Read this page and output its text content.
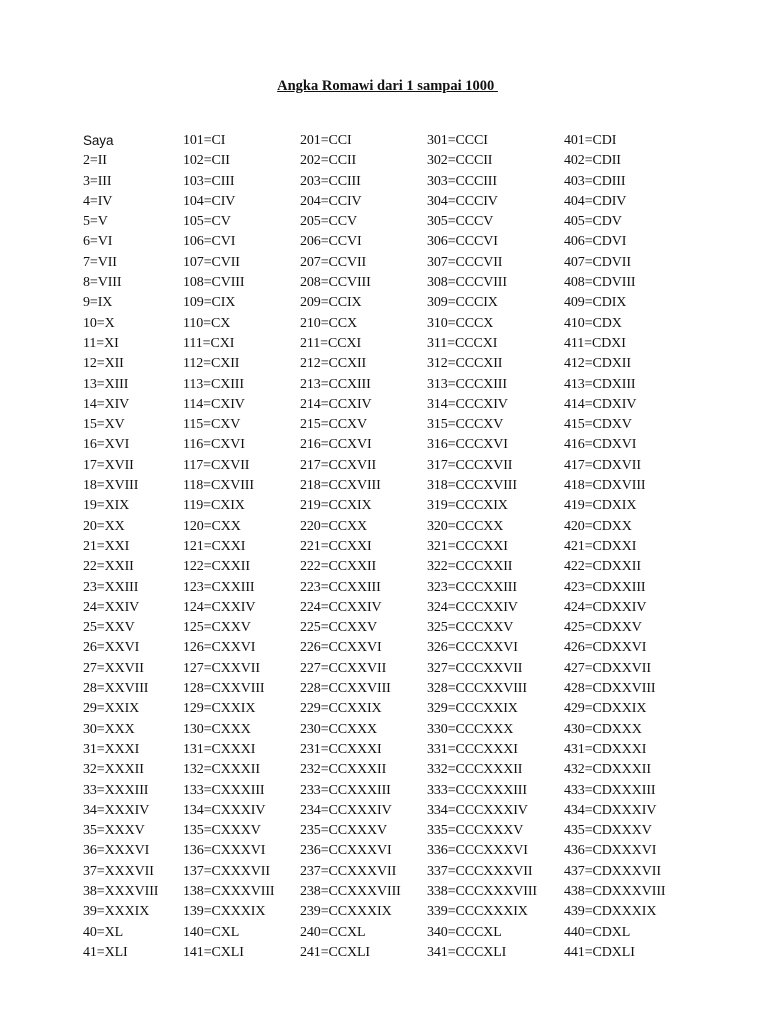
Angka Romawi dari 1 sampai 1000
Saya
2=II
3=III
4=IV
5=V
6=VI
7=VII
8=VIII
9=IX
10=X
11=XI
12=XII
13=XIII
14=XIV
15=XV
16=XVI
17=XVII
18=XVIII
19=XIX
20=XX
21=XXI
22=XXII
23=XXIII
24=XXIV
25=XXV
26=XXVI
27=XXVII
28=XXVIII
29=XXIX
30=XXX
31=XXXI
32=XXXII
33=XXXIII
34=XXXIV
35=XXXV
36=XXXVI
37=XXXVII
38=XXXVIII
39=XXXIX
40=XL
41=XLI
101=CI
102=CII
103=CIII
104=CIV
105=CV
106=CVI
107=CVII
108=CVIII
109=CIX
110=CX
111=CXI
112=CXII
113=CXIII
114=CXIV
115=CXV
116=CXVI
117=CXVII
118=CXVIII
119=CXIX
120=CXX
121=CXXI
122=CXXII
123=CXXIII
124=CXXIV
125=CXXV
126=CXXVI
127=CXXVII
128=CXXVIII
129=CXXIX
130=CXXX
131=CXXXI
132=CXXXII
133=CXXXIII
134=CXXXIV
135=CXXXV
136=CXXXVI
137=CXXXVII
138=CXXXVIII
139=CXXXIX
140=CXL
141=CXLI
201=CCI
202=CCII
203=CCIII
204=CCIV
205=CCV
206=CCVI
207=CCVII
208=CCVIII
209=CCIX
210=CCX
211=CCXI
212=CCXII
213=CCXIII
214=CCXIV
215=CCXV
216=CCXVI
217=CCXVII
218=CCXVIII
219=CCXIX
220=CCXX
221=CCXXI
222=CCXXII
223=CCXXIII
224=CCXXIV
225=CCXXV
226=CCXXVI
227=CCXXVII
228=CCXXVIII
229=CCXXIX
230=CCXXX
231=CCXXXI
232=CCXXXII
233=CCXXXIII
234=CCXXXIV
235=CCXXXV
236=CCXXXVI
237=CCXXXVII
238=CCXXXVIII
239=CCXXXIX
240=CCXL
241=CCXLI
301=CCCI
302=CCCII
303=CCCIII
304=CCCIV
305=CCCV
306=CCCVI
307=CCCVII
308=CCCVIII
309=CCCIX
310=CCCX
311=CCCXI
312=CCCXII
313=CCCXIII
314=CCCXIV
315=CCCXV
316=CCCXVI
317=CCCXVII
318=CCCXVIII
319=CCCXIX
320=CCCXX
321=CCCXXI
322=CCCXXII
323=CCCXXIII
324=CCCXXIV
325=CCCXXV
326=CCCXXVI
327=CCCXXVII
328=CCCXXVIII
329=CCCXXIX
330=CCCXXX
331=CCCXXXI
332=CCCXXXII
333=CCCXXXIII
334=CCCXXXIV
335=CCCXXXV
336=CCCXXXVI
337=CCCXXXVII
338=CCCXXXVIII
339=CCCXXXIX
340=CCCXL
341=CCCXLI
401=CDI
402=CDII
403=CDIII
404=CDIV
405=CDV
406=CDVI
407=CDVII
408=CDVIII
409=CDIX
410=CDX
411=CDXI
412=CDXII
413=CDXIII
414=CDXIV
415=CDXV
416=CDXVI
417=CDXVII
418=CDXVIII
419=CDXIX
420=CDXX
421=CDXXI
422=CDXXII
423=CDXXIII
424=CDXXIV
425=CDXXV
426=CDXXVI
427=CDXXVII
428=CDXXVIII
429=CDXXIX
430=CDXXX
431=CDXXXI
432=CDXXXII
433=CDXXXIII
434=CDXXXIV
435=CDXXXV
436=CDXXXVI
437=CDXXXVII
438=CDXXXVIII
439=CDXXXIX
440=CDXL
441=CDXLI
